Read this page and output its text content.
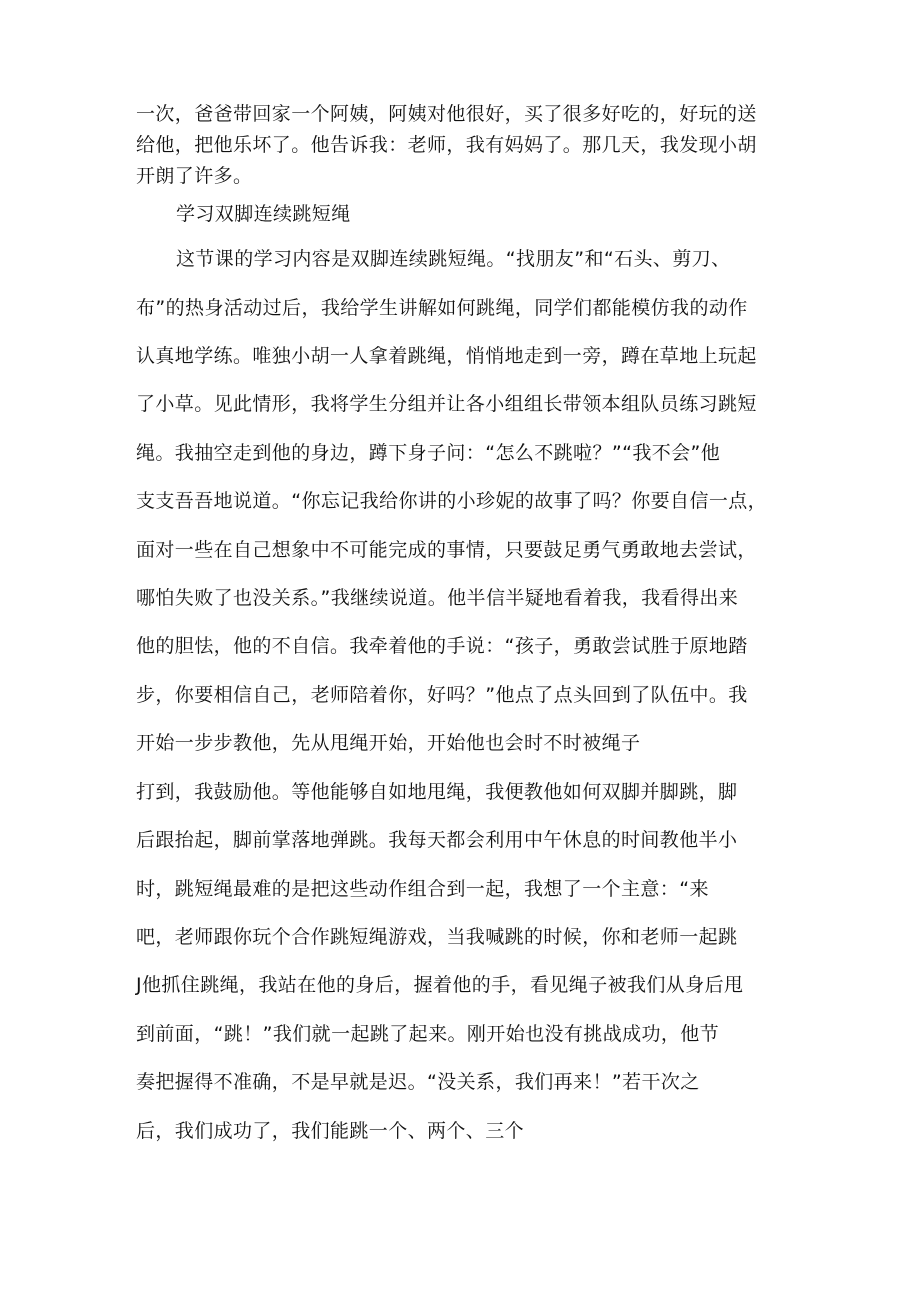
一次，爸爸带回家一个阿姨，阿姨对他很好，买了很多好吃的，好玩的送

给他，把他乐坏了。他告诉我：老师，我有妈妈了。那几天，我发现小胡

开朗了许多。

学习双脚连续跳短绳

这节课的学习内容是双脚连续跳短绳。“找朋友”和“石头、剪刀、

布”的热身活动过后，我给学生讲解如何跳绳，同学们都能模仿我的动作

认真地学练。唯独小胡一人拿着跳绳，悄悄地走到一旁，蹲在草地上玩起

了小草。见此情形，我将学生分组并让各小组组长带领本组队员练习跳短

绳。我抽空走到他的身边，蹲下身子问：“怎么不跳啦？”“我不会”他

支支吾吾地说道。“你忘记我给你讲的小珍妮的故事了吗？你要自信一点，

面对一些在自己想象中不可能完成的事情，只要鼓足勇气勇敢地去尝试，

哪怕失败了也没关系。”我继续说道。他半信半疑地看着我，我看得出来

他的胆怯，他的不自信。我牵着他的手说：“孩子，勇敢尝试胜于原地踏

步，你要相信自己，老师陪着你，好吗？”他点了点头回到了队伍中。我

开始一步步教他，先从甩绳开始，开始他也会时不时被绳子

打到，我鼓励他。等他能够自如地甩绳，我便教他如何双脚并脚跳，脚

后跟抬起，脚前掌落地弹跳。我每天都会利用中午休息的时间教他半小

时，跳短绳最难的是把这些动作组合到一起，我想了一个主意：“来

吧，老师跟你玩个合作跳短绳游戏，当我喊跳的时候，你和老师一起跳

J他抓住跳绳，我站在他的身后，握着他的手，看见绳子被我们从身后甩

到前面，“跳！”我们就一起跳了起来。刚开始也没有挑战成功，他节

奏把握得不准确，不是早就是迟。“没关系，我们再来！”若干次之

后，我们成功了，我们能跳一个、两个、三个
